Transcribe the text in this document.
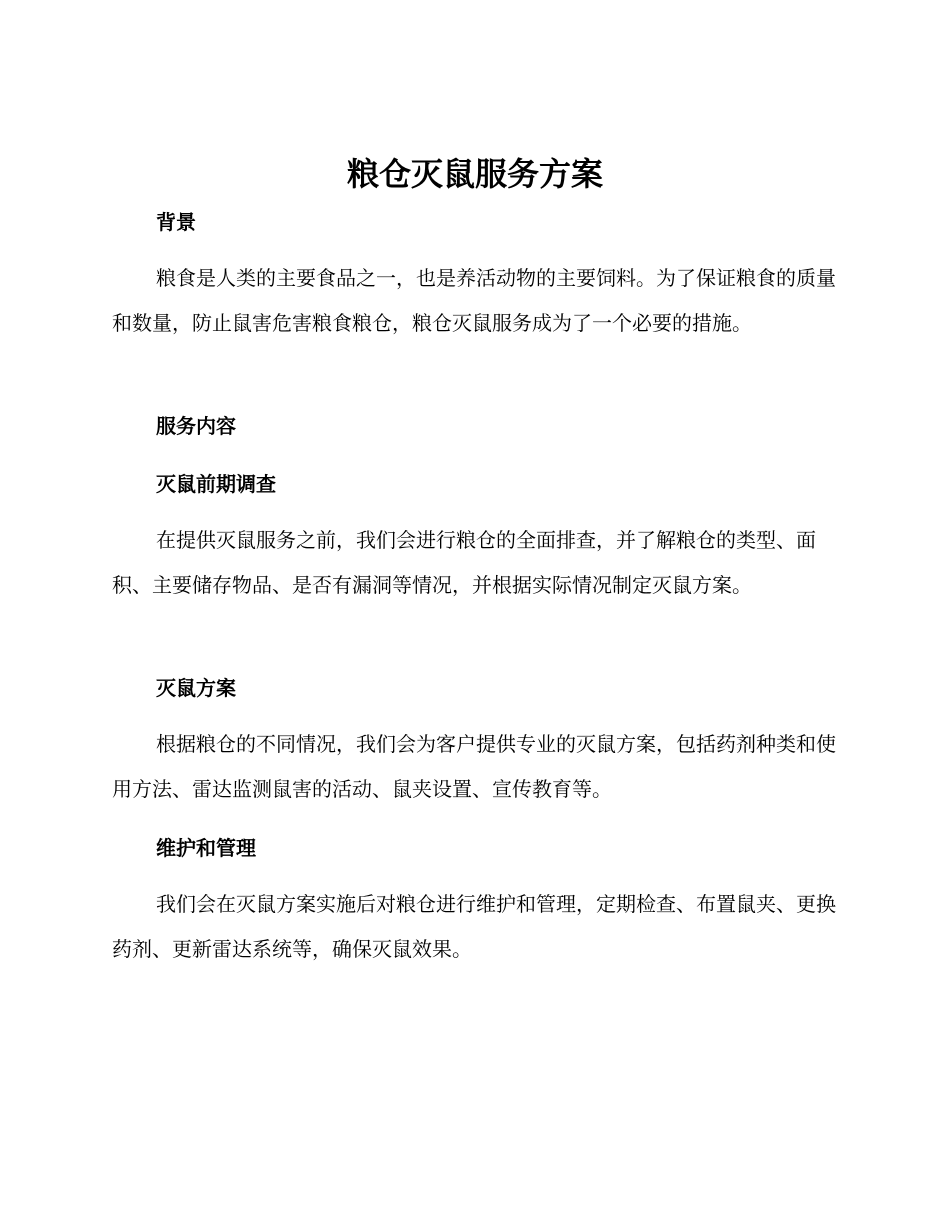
粮仓灭鼠服务方案
背景

粮食是人类的主要食品之一，也是养活动物的主要饲料。为了保证粮食的质量和数量，防止鼠害危害粮食粮仓，粮仓灭鼠服务成为了一个必要的措施。

服务内容
灭鼠前期调查

在提供灭鼠服务之前，我们会进行粮仓的全面排查，并了解粮仓的类型、面积、主要储存物品、是否有漏洞等情况，并根据实际情况制定灭鼠方案。

灭鼠方案

根据粮仓的不同情况，我们会为客户提供专业的灭鼠方案，包括药剂种类和使用方法、雷达监测鼠害的活动、鼠夹设置、宣传教育等。

维护和管理

我们会在灭鼠方案实施后对粮仓进行维护和管理，定期检查、布置鼠夹、更换药剂、更新雷达系统等，确保灭鼠效果。
